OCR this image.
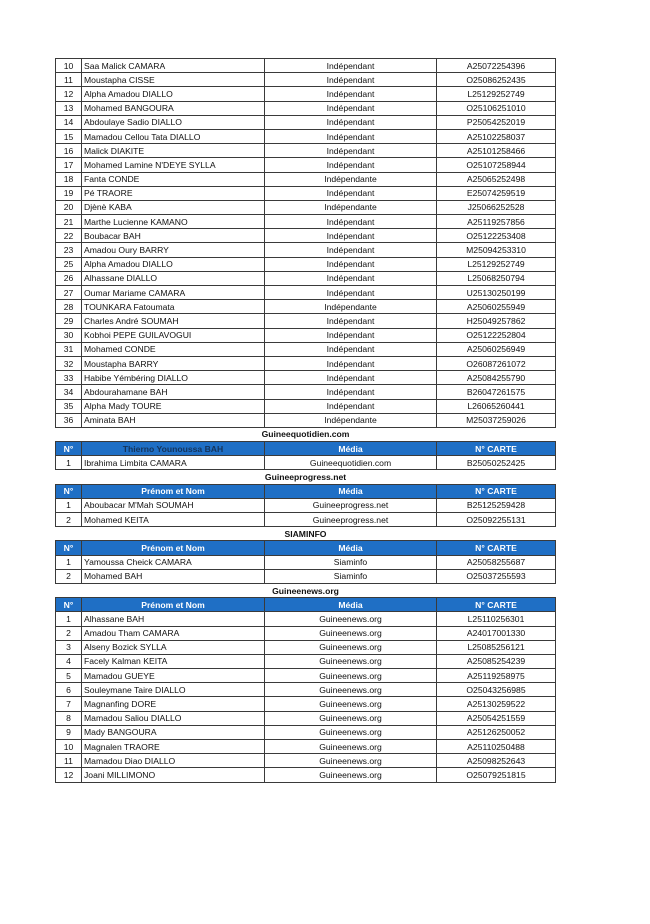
10	Saa Malick CAMARA	Indépendant	A25072254396
11	Moustapha CISSE	Indépendant	O25086252435
12	Alpha Amadou DIALLO	Indépendant	L25129252749
13	Mohamed BANGOURA	Indépendant	O25106251010
14	Abdoulaye Sadio DIALLO	Indépendant	P25054252019
15	Mamadou Cellou Tata DIALLO	Indépendant	A25102258037
16	Malick DIAKITE	Indépendant	A25101258466
17	Mohamed Lamine N'DEYE SYLLA	Indépendant	O25107258944
18	Fanta CONDE	Indépendante	A25065252498
19	Pé TRAORE	Indépendant	E25074259519
20	Djènè KABA	Indépendante	J25066252528
21	Marthe Lucienne KAMANO	Indépendant	A25119257856
22	Boubacar BAH	Indépendant	O25122253408
23	Amadou Oury BARRY	Indépendant	M25094253310
25	Alpha Amadou DIALLO	Indépendant	L25129252749
26	Alhassane DIALLO	Indépendant	L25068250794
27	Oumar Mariame CAMARA	Indépendant	U25130250199
28	TOUNKARA Fatoumata	Indépendante	A25060255949
29	Charles André SOUMAH	Indépendant	H25049257862
30	Kobhoi PEPE GUILAVOGUI	Indépendant	O25122252804
31	Mohamed CONDE	Indépendant	A25060256949
32	Moustapha BARRY	Indépendant	O26087261072
33	Habibe Yémbéring DIALLO	Indépendant	A25084255790
34	Abdourahamane BAH	Indépendant	B26047261575
35	Alpha Mady TOURE	Indépendant	L26065260441
36	Aminata BAH	Indépendante	M25037259026
Guineequotidien.com			
N°	Thierno Younoussa BAH	Média	N° CARTE
1	Ibrahima Limbita CAMARA	Guineequotidien.com	B25050252425
Guineeprogress.net			
N°	Prénom et Nom	Média	N° CARTE
1	Aboubacar M'Mah SOUMAH	Guineeprogress.net	B25125259428
2	Mohamed KEITA	Guineeprogress.net	O25092255131
SIAMINFO			
N°	Prénom et Nom	Média	N° CARTE
1	Yamoussa Cheick CAMARA	Siaminfo	A25058255687
2	Mohamed BAH	Siaminfo	O25037255593
Guineenews.org			
N°	Prénom et Nom	Média	N° CARTE
1	Alhassane BAH	Guineenews.org	L25110256301
2	Amadou Tham CAMARA	Guineenews.org	A24017001330
3	Alseny Bozick SYLLA	Guineenews.org	L25085256121
4	Facely Kalman KEITA	Guineenews.org	A25085254239
5	Mamadou GUEYE	Guineenews.org	A25119258975
6	Souleymane Taire DIALLO	Guineenews.org	O25043256985
7	Magnanfing DORE	Guineenews.org	A25130259522
8	Mamadou Saliou DIALLO	Guineenews.org	A25054251559
9	Mady BANGOURA	Guineenews.org	A25126250052
10	Magnalen TRAORE	Guineenews.org	A25110250488
11	Mamadou Diao DIALLO	Guineenews.org	A25098252643
12	Joani MILLIMONO	Guineenews.org	O25079251815
